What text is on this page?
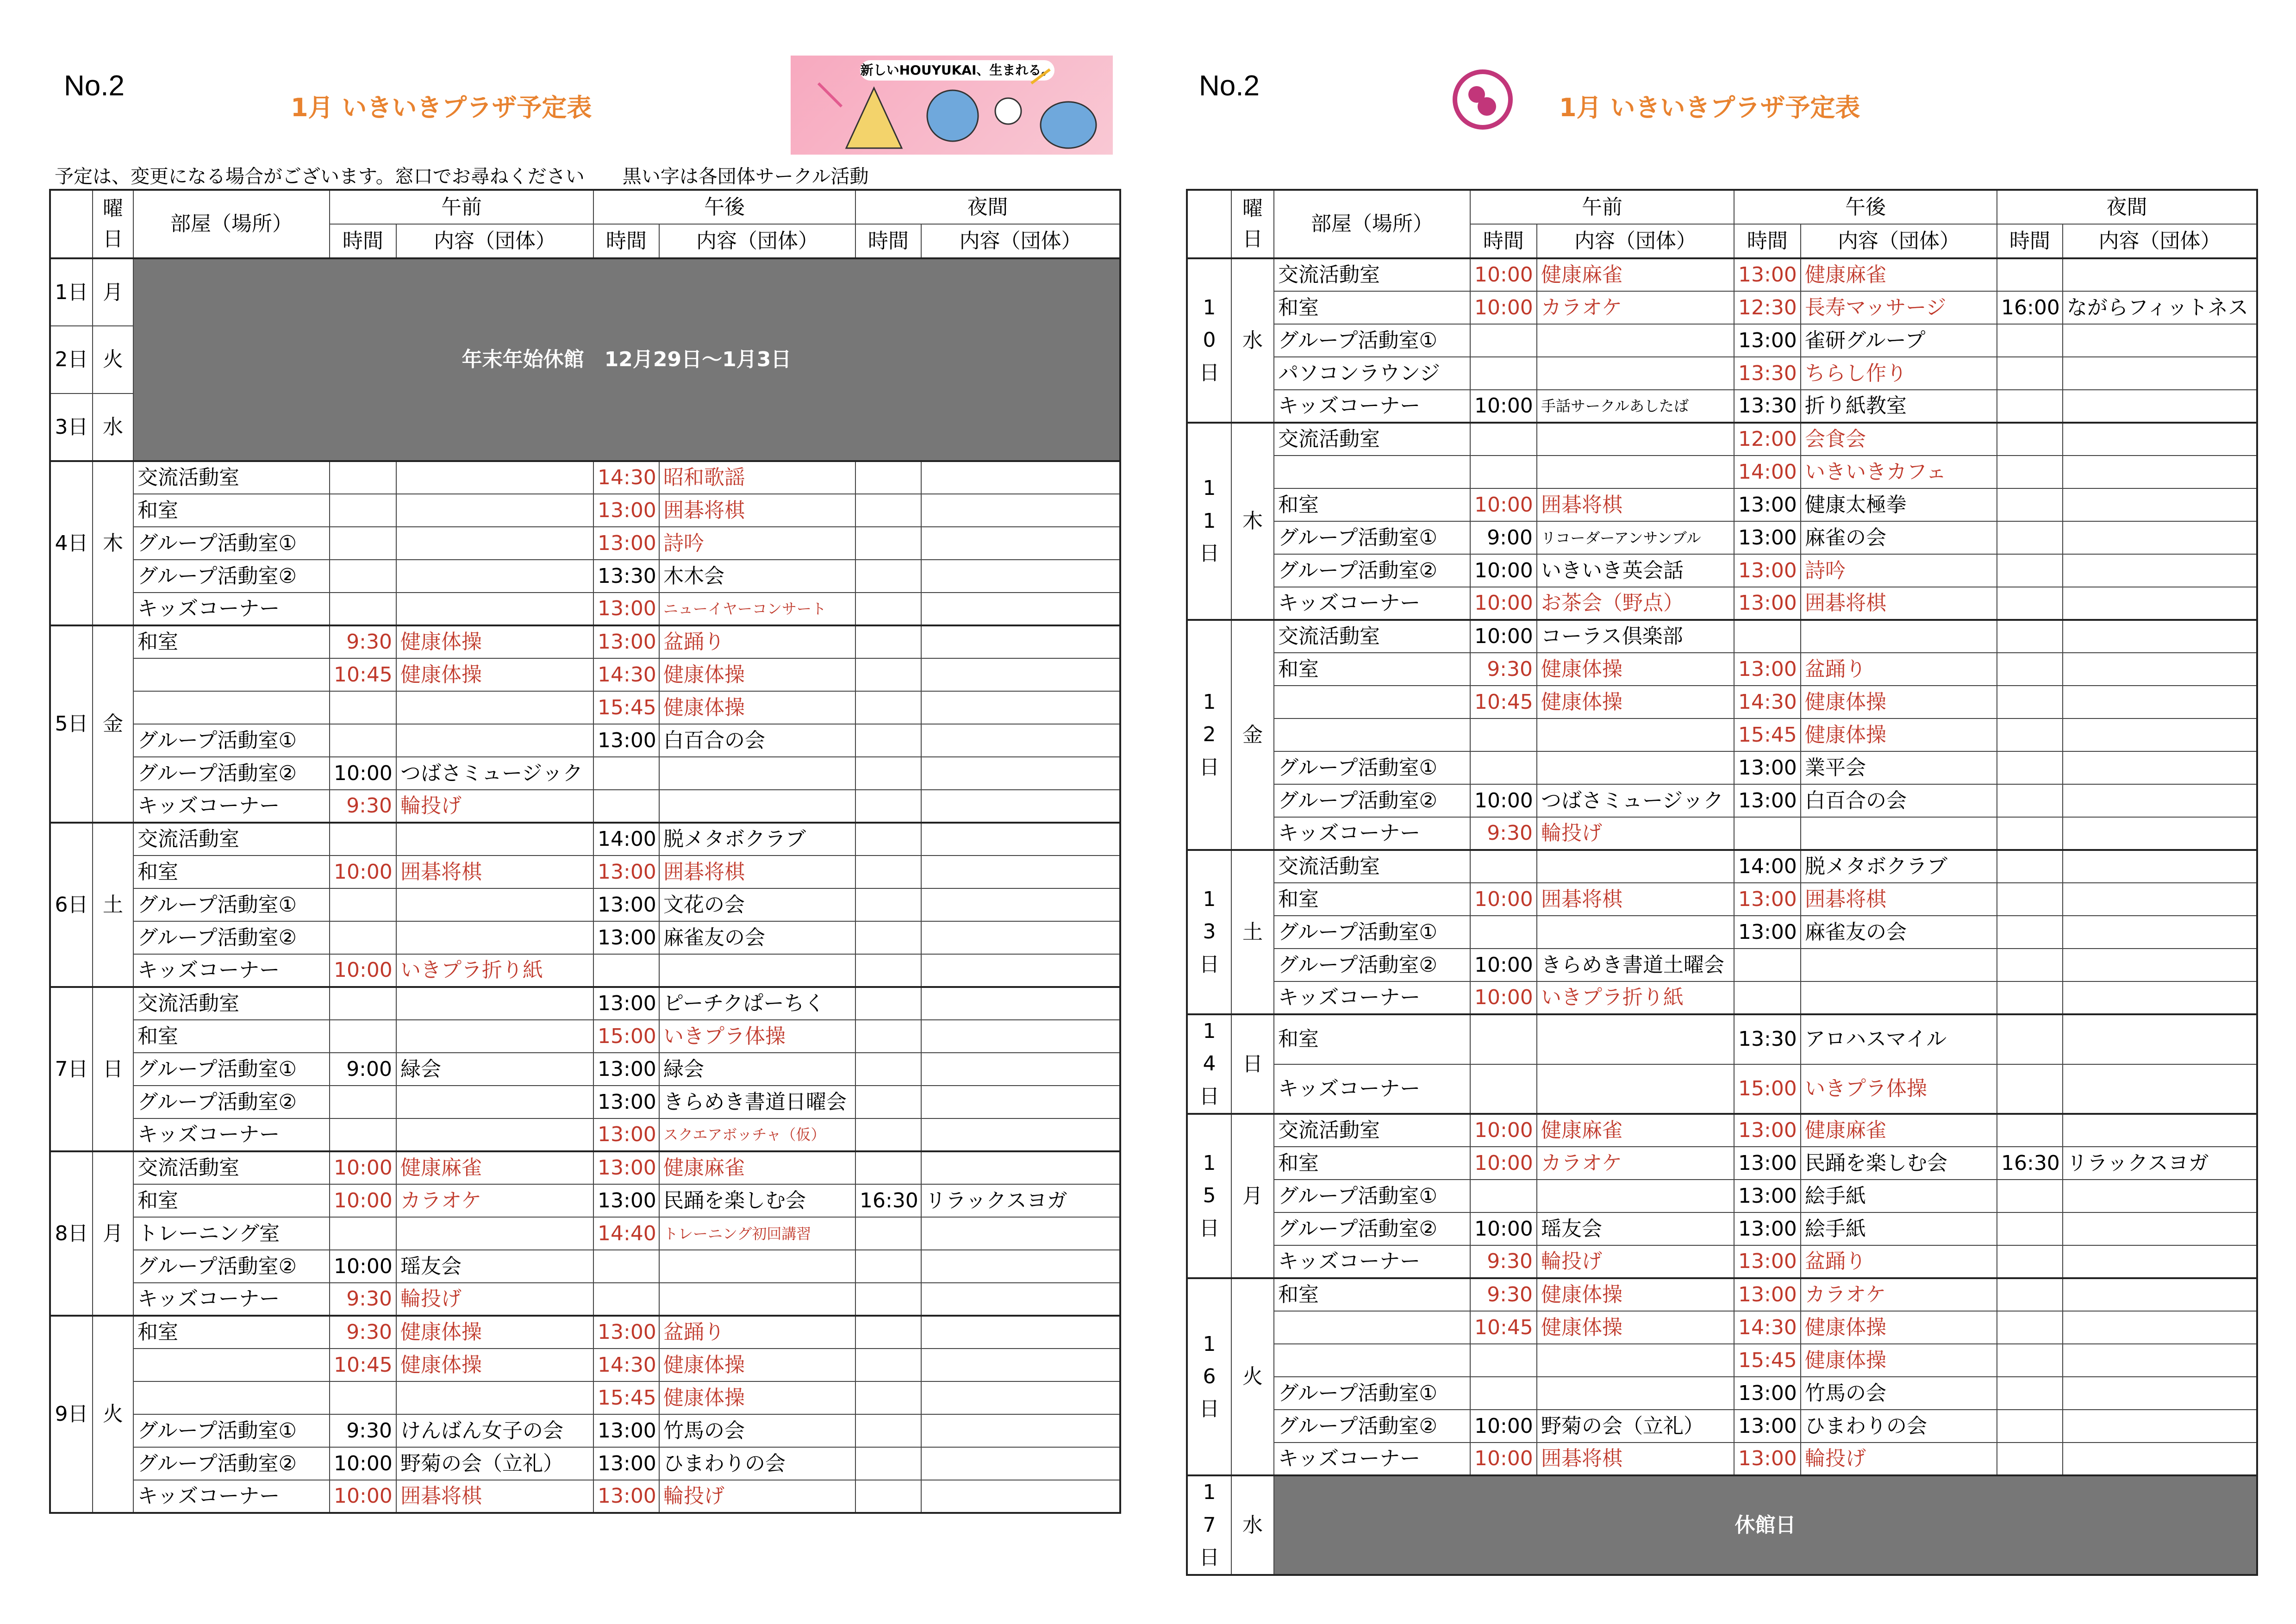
No.2
1月 いきいきプラザ予定表
新しいHOUYUKAI、生まれる。
予定は、変更になる場合がございます。窓口でお尋ねください　　黒い字は各団体サークル活動
	曜日	部屋（場所）	午前		午後		夜間	
			時間	内容（団体）	時間	内容（団体）	時間	内容（団体）
1日	月	年末年始休館　12月29日～1月3日						
2日	火							
3日	水							
4日	木	交流活動室			14:30	昭和歌謡		
		和室			13:00	囲碁将棋		
		グループ活動室①			13:00	詩吟		
		グループ活動室②			13:30	木木会		
		キッズコーナー			13:00	ニューイヤーコンサート		
5日	金	和室	9:30	健康体操	13:00	盆踊り		
			10:45	健康体操	14:30	健康体操		
					15:45	健康体操		
		グループ活動室①			13:00	白百合の会		
		グループ活動室②	10:00	つばさミュージック				
		キッズコーナー	9:30	輪投げ				
6日	土	交流活動室			14:00	脱メタボクラブ		
		和室	10:00	囲碁将棋	13:00	囲碁将棋		
		グループ活動室①			13:00	文花の会		
		グループ活動室②			13:00	麻雀友の会		
		キッズコーナー	10:00	いきプラ折り紙				
7日	日	交流活動室			13:00	ピーチクぱーちく		
		和室			15:00	いきプラ体操		
		グループ活動室①	9:00	緑会	13:00	緑会		
		グループ活動室②			13:00	きらめき書道日曜会		
		キッズコーナー			13:00	スクエアボッチャ（仮）		
8日	月	交流活動室	10:00	健康麻雀	13:00	健康麻雀		
		和室	10:00	カラオケ	13:00	民踊を楽しむ会	16:30	リラックスヨガ
		トレーニング室			14:40	トレーニング初回講習		
		グループ活動室②	10:00	瑶友会				
		キッズコーナー	9:30	輪投げ				
9日	火	和室	9:30	健康体操	13:00	盆踊り		
			10:45	健康体操	14:30	健康体操		
					15:45	健康体操		
		グループ活動室①	9:30	けんばん女子の会	13:00	竹馬の会		
		グループ活動室②	10:00	野菊の会（立礼）	13:00	ひまわりの会		
		キッズコーナー	10:00	囲碁将棋	13:00	輪投げ		
No.2
1月 いきいきプラザ予定表
	曜日	部屋（場所）	午前		午後		夜間	
			時間	内容（団体）	時間	内容（団体）	時間	内容（団体）
10日	水	交流活動室	10:00	健康麻雀	13:00	健康麻雀		
		和室	10:00	カラオケ	12:30	長寿マッサージ	16:00	ながらフィットネス
		グループ活動室①			13:00	雀研グループ		
		パソコンラウンジ			13:30	ちらし作り		
		キッズコーナー	10:00	手話サークルあしたば	13:30	折り紙教室		
11日	木	交流活動室			12:00	会食会		
					14:00	いきいきカフェ		
		和室	10:00	囲碁将棋	13:00	健康太極拳		
		グループ活動室①	9:00	リコーダーアンサンブル	13:00	麻雀の会		
		グループ活動室②	10:00	いきいき英会話	13:00	詩吟		
		キッズコーナー	10:00	お茶会（野点）	13:00	囲碁将棋		
12日	金	交流活動室	10:00	コーラス倶楽部				
		和室	9:30	健康体操	13:00	盆踊り		
			10:45	健康体操	14:30	健康体操		
					15:45	健康体操		
		グループ活動室①			13:00	業平会		
		グループ活動室②	10:00	つばさミュージック	13:00	白百合の会		
		キッズコーナー	9:30	輪投げ				
13日	土	交流活動室			14:00	脱メタボクラブ		
		和室	10:00	囲碁将棋	13:00	囲碁将棋		
		グループ活動室①			13:00	麻雀友の会		
		グループ活動室②	10:00	きらめき書道土曜会				
		キッズコーナー	10:00	いきプラ折り紙				
14日	日	和室			13:30	アロハスマイル		
		キッズコーナー			15:00	いきプラ体操		
15日	月	交流活動室	10:00	健康麻雀	13:00	健康麻雀		
		和室	10:00	カラオケ	13:00	民踊を楽しむ会	16:30	リラックスヨガ
		グループ活動室①			13:00	絵手紙		
		グループ活動室②	10:00	瑶友会	13:00	絵手紙		
		キッズコーナー	9:30	輪投げ	13:00	盆踊り		
16日	火	和室	9:30	健康体操	13:00	カラオケ		
			10:45	健康体操	14:30	健康体操		
					15:45	健康体操		
		グループ活動室①			13:00	竹馬の会		
		グループ活動室②	10:00	野菊の会（立礼）	13:00	ひまわりの会		
		キッズコーナー	10:00	囲碁将棋	13:00	輪投げ		
17日	水	休館日						
